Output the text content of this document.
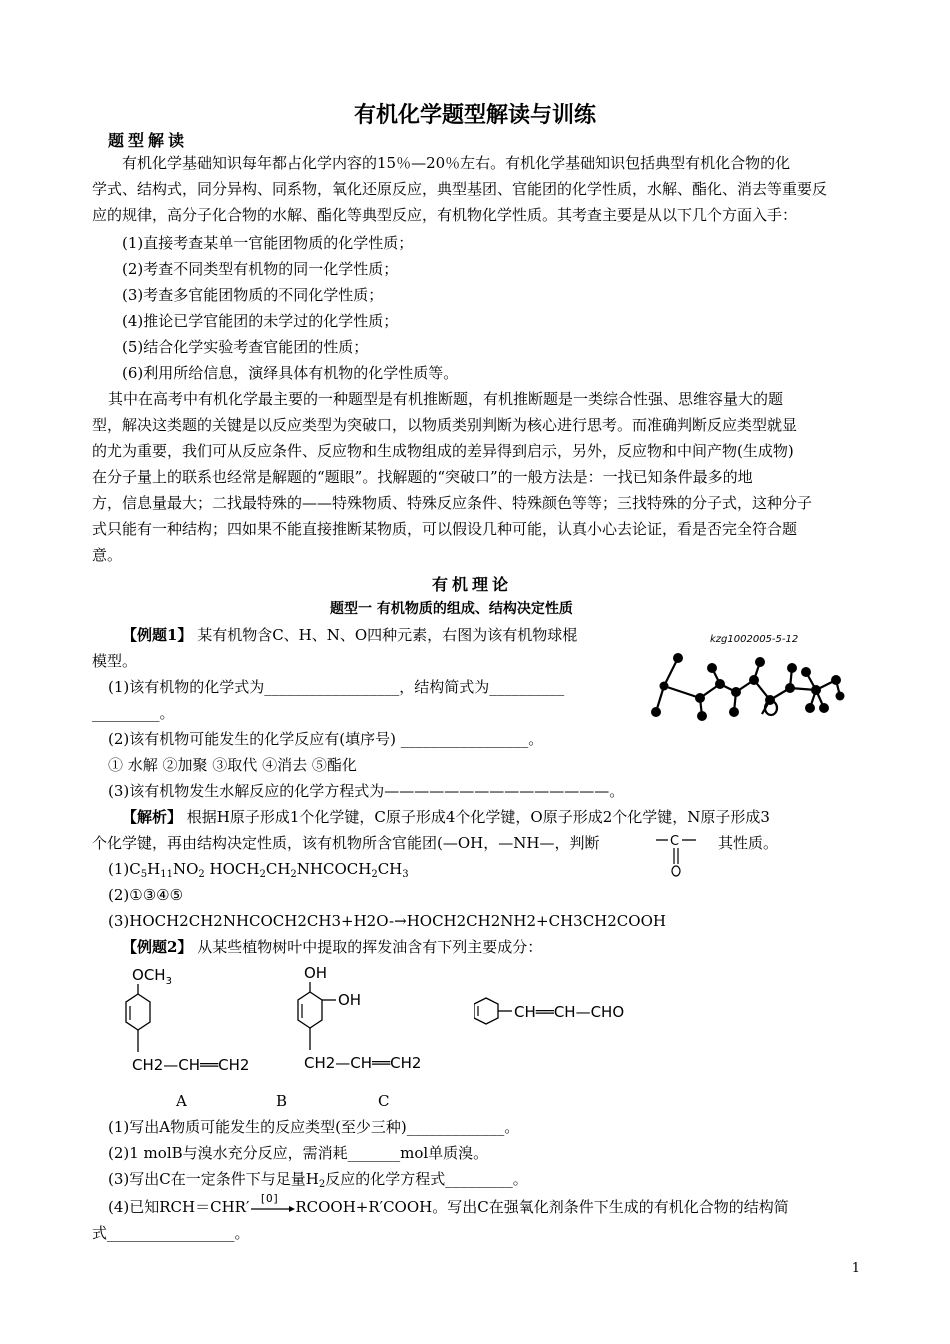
有机化学题型解读与训练
题型解读
有机化学基础知识每年都占化学内容的15％—20％左右。有机化学基础知识包括典型有机化合物的化
学式、结构式，同分异构、同系物，氧化还原反应，典型基团、官能团的化学性质，水解、酯化、消去等重要反
应的规律，高分子化合物的水解、酯化等典型反应，有机物化学性质。其考查主要是从以下几个方面入手：
(1)直接考查某单一官能团物质的化学性质；
(2)考查不同类型有机物的同一化学性质；
(3)考查多官能团物质的不同化学性质；
(4)推论已学官能团的未学过的化学性质；
(5)结合化学实验考查官能团的性质；
(6)利用所给信息，演绎具体有机物的化学性质等。
其中在高考中有机化学最主要的一种题型是有机推断题，有机推断题是一类综合性强、思维容量大的题
型，解决这类题的关键是以反应类型为突破口，以物质类别判断为核心进行思考。而准确判断反应类型就显
的尤为重要，我们可从反应条件、反应物和生成物组成的差异得到启示，另外，反应物和中间产物(生成物)
在分子量上的联系也经常是解题的“题眼”。找解题的“突破口”的一般方法是：一找已知条件最多的地
方，信息量最大；二找最特殊的——特殊物质、特殊反应条件、特殊颜色等等；三找特殊的分子式，这种分子
式只能有一种结构；四如果不能直接推断某物质，可以假设几种可能，认真小心去论证，看是否完全符合题
意。
有机理论
题型一 有机物质的组成、结构决定性质
【例题1】 某有机物含C、H、N、O四种元素，右图为该有机物球棍
模型。
(1)该有机物的化学式为__________________，结构简式为__________
_________。
(2)该有机物可能发生的化学反应有(填序号) _________________。
① 水解 ②加聚 ③取代 ④消去 ⑤酯化
(3)该有机物发生水解反应的化学方程式为———————————————。
kzg1002005-5-12
【解析】 根据H原子形成1个化学键，C原子形成4个化学键，O原子形成2个化学键，N原子形成3
个化学键，再由结构决定性质，该有机物所含官能团(—OH，—NH—，判断	C	其性质。
$(1)C_5H_{11}NO_2$ $HOCH_2CH_2NHCOCH_2CH_3$
(2)①③④⑤
(3)HOCH2CH2NHCOCH2CH3+H2O-→HOCH2CH2NH2+CH3CH2COOH
【例题2】 从某些植物树叶中提取的挥发油含有下列主要成分：
$OCH_3$
CH2—CH══CH2
OH
OH
CH2—CH══CH2
CH══CH—CHO
A	B	C
(1)写出A物质可能发生的反应类型(至少三种)_____________。
(2)1 molB与溴水充分反应，需消耗_______mol单质溴。
(3)写出C在一定条件下与足量$H_2$反应的化学方程式_________。
(4)已知RCH＝CHR′ [O] RCOOH+R′COOH。写出C在强氧化剂条件下生成的有机化合物的结构简
式_________________。
1
